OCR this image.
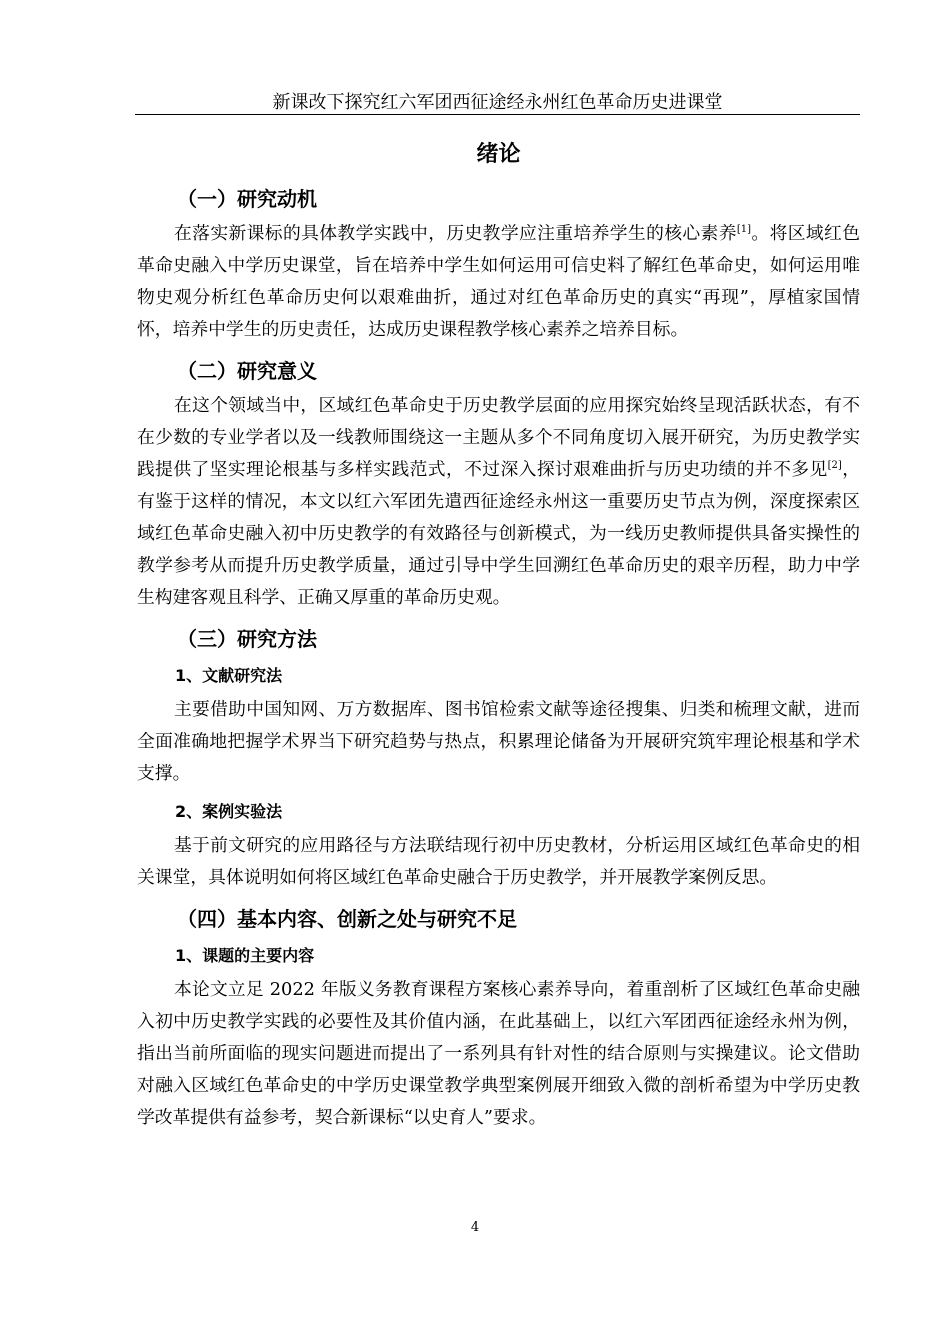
新课改下探究红六军团西征途经永州红色革命历史进课堂
绪论
（一）研究动机

在落实新课标的具体教学实践中，历史教学应注重培养学生的核心素养[1]。将区域红色革命史融入中学历史课堂，旨在培养中学生如何运用可信史料了解红色革命史，如何运用唯物史观分析红色革命历史何以艰难曲折，通过对红色革命历史的真实“再现”，厚植家国情怀，培养中学生的历史责任，达成历史课程教学核心素养之培养目标。

（二）研究意义

在这个领域当中，区域红色革命史于历史教学层面的应用探究始终呈现活跃状态，有不在少数的专业学者以及一线教师围绕这一主题从多个不同角度切入展开研究，为历史教学实践提供了坚实理论根基与多样实践范式，不过深入探讨艰难曲折与历史功绩的并不多见[2]，有鉴于这样的情况，本文以红六军团先遣西征途经永州这一重要历史节点为例，深度探索区域红色革命史融入初中历史教学的有效路径与创新模式，为一线历史教师提供具备实操性的教学参考从而提升历史教学质量，通过引导中学生回溯红色革命历史的艰辛历程，助力中学生构建客观且科学、正确又厚重的革命历史观。

（三）研究方法
1、文献研究法

主要借助中国知网、万方数据库、图书馆检索文献等途径搜集、归类和梳理文献，进而全面准确地把握学术界当下研究趋势与热点，积累理论储备为开展研究筑牢理论根基和学术支撑。

2、案例实验法

基于前文研究的应用路径与方法联结现行初中历史教材，分析运用区域红色革命史的相关课堂，具体说明如何将区域红色革命史融合于历史教学，并开展教学案例反思。

（四）基本内容、创新之处与研究不足
1、课题的主要内容

本论文立足 2022 年版义务教育课程方案核心素养导向，着重剖析了区域红色革命史融入初中历史教学实践的必要性及其价值内涵，在此基础上，以红六军团西征途经永州为例，指出当前所面临的现实问题进而提出了一系列具有针对性的结合原则与实操建议。论文借助对融入区域红色革命史的中学历史课堂教学典型案例展开细致入微的剖析希望为中学历史教学改革提供有益参考，契合新课标“以史育人”要求。

4
